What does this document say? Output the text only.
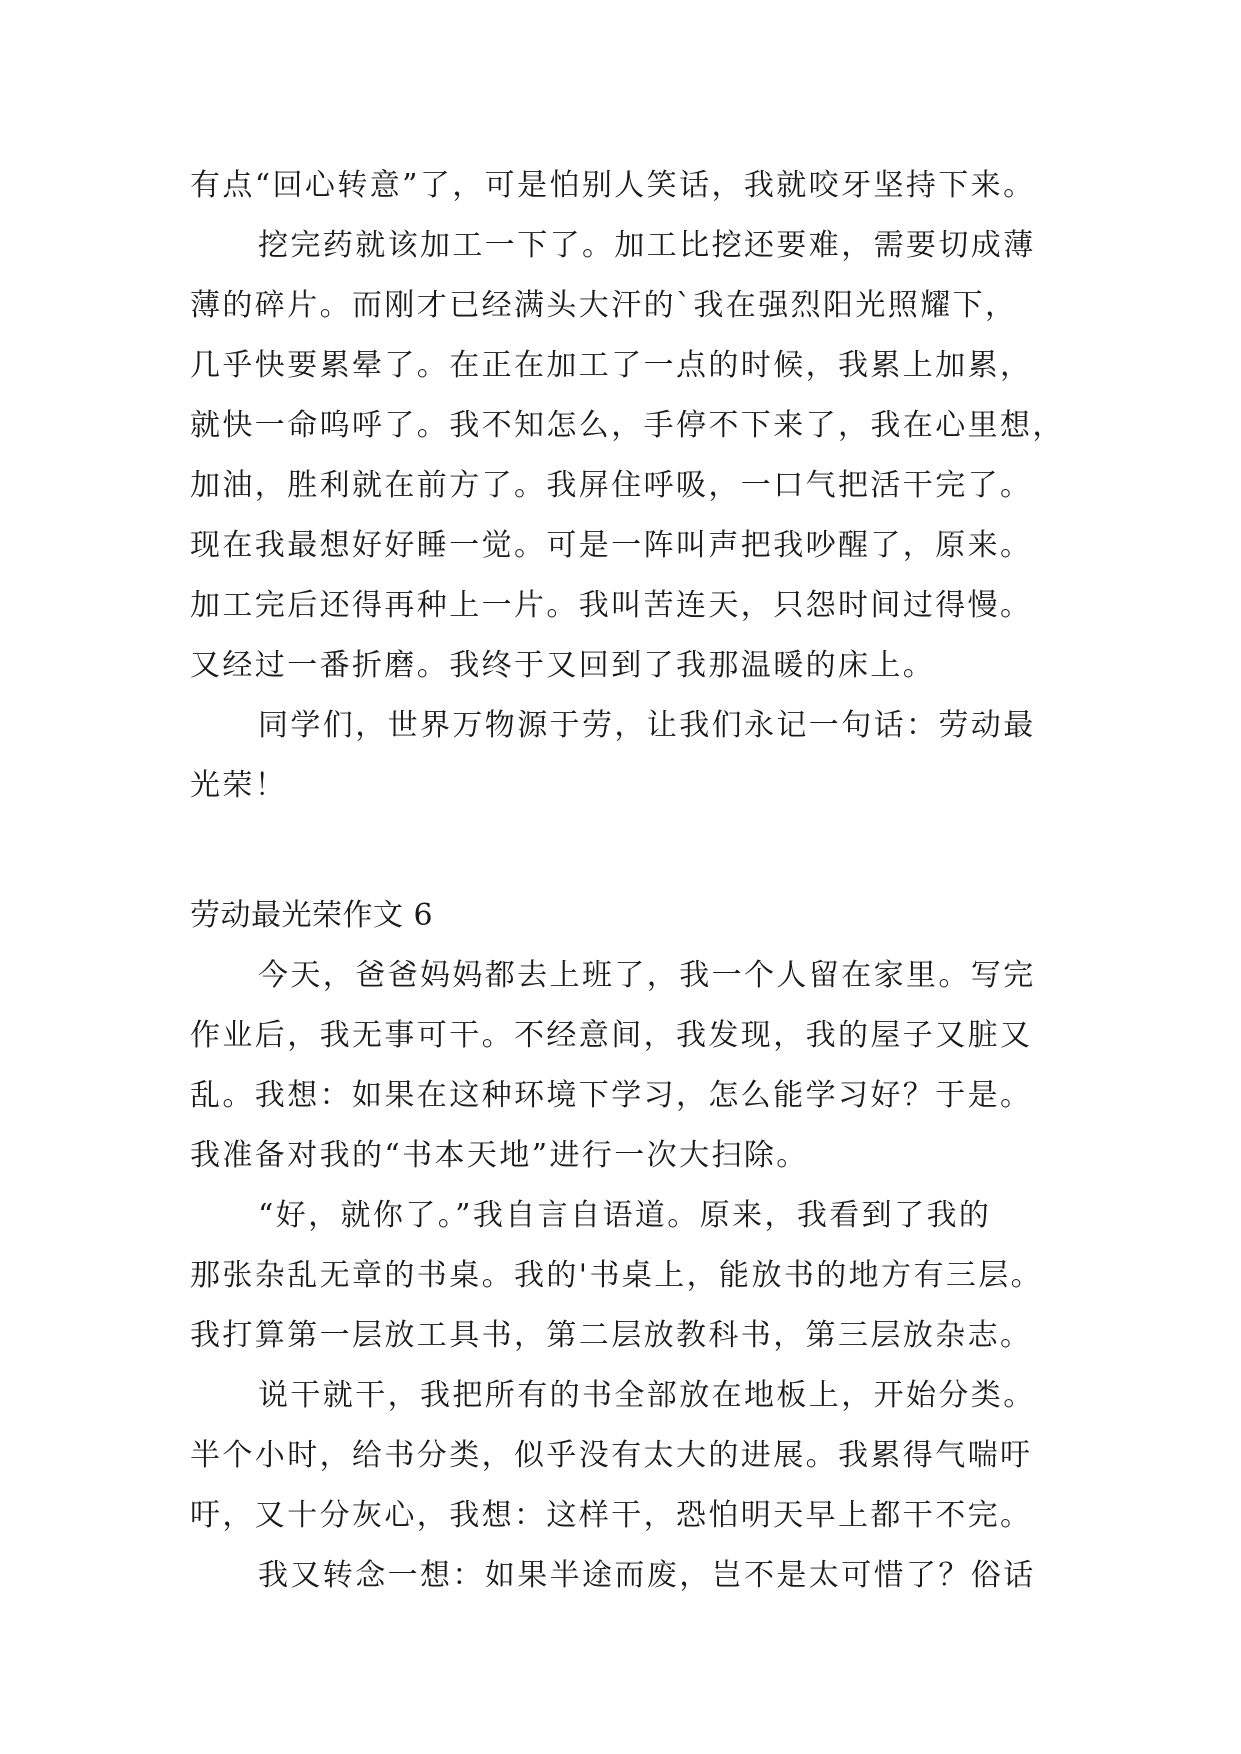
有点“回心转意”了，可是怕别人笑话，我就咬牙坚持下来。
挖完药就该加工一下了。加工比挖还要难，需要切成薄
薄的碎片。而刚才已经满头大汗的`我在强烈阳光照耀下，
几乎快要累晕了。在正在加工了一点的时候，我累上加累，
就快一命呜呼了。我不知怎么，手停不下来了，我在心里想，
加油，胜利就在前方了。我屏住呼吸，一口气把活干完了。
现在我最想好好睡一觉。可是一阵叫声把我吵醒了，原来。
加工完后还得再种上一片。我叫苦连天，只怨时间过得慢。
又经过一番折磨。我终于又回到了我那温暖的床上。
同学们，世界万物源于劳，让我们永记一句话：劳动最
光荣！
劳动最光荣作文 6
今天，爸爸妈妈都去上班了，我一个人留在家里。写完
作业后，我无事可干。不经意间，我发现，我的屋子又脏又
乱。我想：如果在这种环境下学习，怎么能学习好？于是。
我准备对我的“书本天地”进行一次大扫除。
“好，就你了。”我自言自语道。原来，我看到了我的
那张杂乱无章的书桌。我的'书桌上，能放书的地方有三层。
我打算第一层放工具书，第二层放教科书，第三层放杂志。
说干就干，我把所有的书全部放在地板上，开始分类。
半个小时，给书分类，似乎没有太大的进展。我累得气喘吁
吁，又十分灰心，我想：这样干，恐怕明天早上都干不完。
我又转念一想：如果半途而废，岂不是太可惜了？俗话
